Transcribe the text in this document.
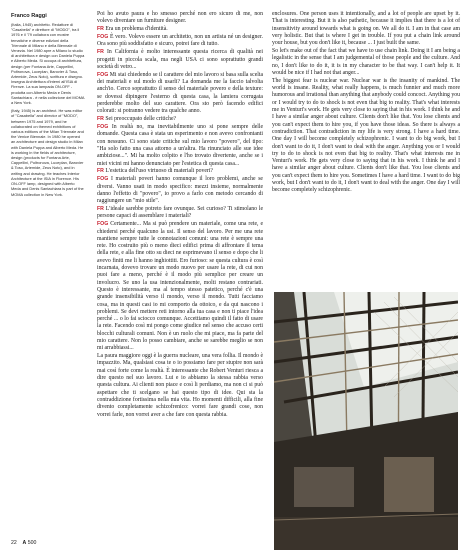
Franco Raggi

(Italia, 1945) architetto. Redattore di "Casabella" e direttore di "MODO", tra il 1976 e il '79 collabora con mostre tematiche e diverse edizioni della Triennale di Milano e della Biennale di Venezia. Nel 1980 apre a Milano lo studio di architettura e design con Daniela Puppa e Alberto Meda. Si occupa di architettura, design (per Fontana Arte, Cappellini, Poltronova, Luceplan, Barovier & Toso, Artemide, Zeus Noto), scrittura e disegno. Insegna Architettura d'interni all'ISIA di Firenze. La sua lampada ON-OFF - prodotta con Alberto Meda e Denis Santachiara - è nella collezione del MOMA a New York.

(Italy, 1945) is an architect. He was editor of "Casabella" and director of "MODO", between 1975 and 1979, and he collaborated on themed exhibitions of various editions of the Milan Triennale and the Venice Biennale. In 1980 he opened an architecture and design studio in Milan with Daniela Puppa and Alberto Meda. He is working in the fields of architecture, design (products for Fontana Arte, Cappellini, Poltronova, Luceplan, Barovier & Toso, Artemide, Zeus Noto), and in writing and drawing. He teaches Interior Architecture at the ISIA in Florence. His ON-OFF lamp, designed with Alberto Meda and Denis Santachiara is part of the MOMA collection in New York.

Poi ho avuto paura e ho smesso perché non ero sicuro di me, non volevo diventare un furniture designer.

FR Era un problema d'identità.

FOG È vero. Volevo essere un architetto, non un artista né un designer. Ora sono più soddisfatto e sicuro, potrei fare di tutto.

FR In California è molto interessante questa ricerca di qualità nei progetti in piccola scala, ma negli USA ci sono soprattutto grandi società di vetro...

FOG Mi stai chiedendo se il carattere del mio lavoro si basa sulla scelta dei materiali e sul modo di usarli? La domanda me la faccio talvolta anch'io. Cerco soprattutto il senso del materiale povero e della texture: se dovessi dipingere l'esterno di questa casa, la lamiera corrugata perderebbe molto del suo carattere. Ora sto però facendo edifici colorati: si potranno vedere tra qualche anno.

FR Sei preoccupato delle critiche?

FOG In realtà no, ma inevitabilmente uno si pone sempre delle domande. Questa casa è stata un esperimento e non avevo confrontanti con nessuno. Ci sono state critiche sul mio lavoro "povero", del tipo: "Ha solo fatto una casa attorno a un'altra. Ha rinunciato alle sue idee ambiziose...". Mi ha molto colpito e l'ho trovato divertente, anche se i miei vicini mi hanno denunciato per l'estetica di questa casa...

FR L'estetica dell'uso virtuoso di materiali poveri?

FOG I materiali poveri hanno comunque il loro problemi, anche se diversi. Vanno usati in modo specifico: mezzi insieme, normalmente danno l'effetto di "povero", io provo a farlo con metodo cercando di raggiungere un "mio stile".

FR L'ideale sarebbe potreto fare ovunque. Sei curioso? Ti stimolano le persone capaci di assemblare i materiali?

FOG Certamente... Ma si può prendere un materiale, come una rete, e chiedersi perché qualcuno la usi. Il senso del lavoro. Per me una rete mantiene sempre tutte le connotazioni comuni: una rete è sempre una rete. Ho costruito più o meno dieci edifici prima di affrontare il tema della rete, e alla fine otto su dieci ne esprimevano il senso e dopo che li avevo finiti me li hanno inghiottiti. Ero furioso: se questa cultura è così incarnata, dovevo trovare un modo nuovo per usare la rete, di cui non puoi fare a meno, perché è il modo più semplice per creare un involucro. Se uno la usa intenzionalmente, molti restano contrariati. Questo è interessante, ma al tempo stesso patetico, perché c'è una grande insensibilità verso il mondo, verso il mondo. Tutti facciamo cosa, ma in questi casi io mi comporto da ottoico, e da qui nascono i problemi. Se devi mettere reti intorno alla tua casa e non ti piace l'idea perché ... o lo fai sciocco comunque. Accettiamo quindi il fatto di usare la rete. Facendo così mi pongo come giudice nel senso che accuso certi blocchi culturali comuni. Non è un ruolo che mi piace, ma fa parte del mio carattere. Non lo posso cambiare, anche se sarebbe meglio se non mi arrabbiassi...

La paura maggiore oggi è la guerra nucleare, una vera follia. Il mondo è impazzito. Ma, qualsiasi cosa te o io possiamo fare per stupire non sarà mai così forte come la realtà. È interessante che Robert Venturi riesca a dire questo nel suo lavoro. Lui e io abbiamo la stessa rabbia verso questa cultura. Ai clienti non piace e così li perdiamo, ma non ci si può aspettare che ti scelgano se hai questo tipo di idee. Qui sta la contraddizione fortissima nella mia vita. Ho momenti difficili, alla fine divento completamente schizofrenico: vorrei fare grandi cose, non vorrei farle, non vorrei aver a che fare con questa rabbia.

enclosures. One person uses it intentionally, and a lot of people are upset by it. That is interesting. But it is also pathetic, because it implies that there is a lot of insensitivity around towards what is going on. We all do it. I am in that case am very holistic. But that is where I get in trouble. If you put a chain link around your house, but you don't like it, because ... I just built the same.

So let's make out of the fact that we have to use chain link. Doing it I am being a legalistic in the sense that I am judgemental of those people and the culture. And no, I don't like to do it, it is in my character to be that way. I can't help it. It would be nice if I had not that anger...

The biggest fear is nuclear war. Nuclear war is the insanity of mankind. The world is insane. Reality, what really happens, is much funnier and much more humorous and irrational than anything that anybody could concoct. Anything you or I would try to do to shock is not even that big to reality. That's what interests me in Venturi's work. He gets very close to saying that in his work. I think he and I have a similar anger about culture. Clients don't like that. You lose clients and you can't expect them to hire you, if you have those ideas. So there is always a contradiction. That contradiction in my life is very strong. I have a hard time. One day I will become completely schizophrenic. I want to do big work, but I don't want to do it, I don't want to deal with the anger. Anything you or I would try to do to shock is not even that big to reality. That's what interests me in Venturi's work. He gets very close to saying that in his work. I think he and I have a similar anger about culture. Clients don't like that. You lose clients and you can't expect them to hire you. Sometimes I have a hard time. I want to do big work, but I don't want to do it, I don't want to deal with the anger. One day I will become completely schizophrenic.

22 A 500
